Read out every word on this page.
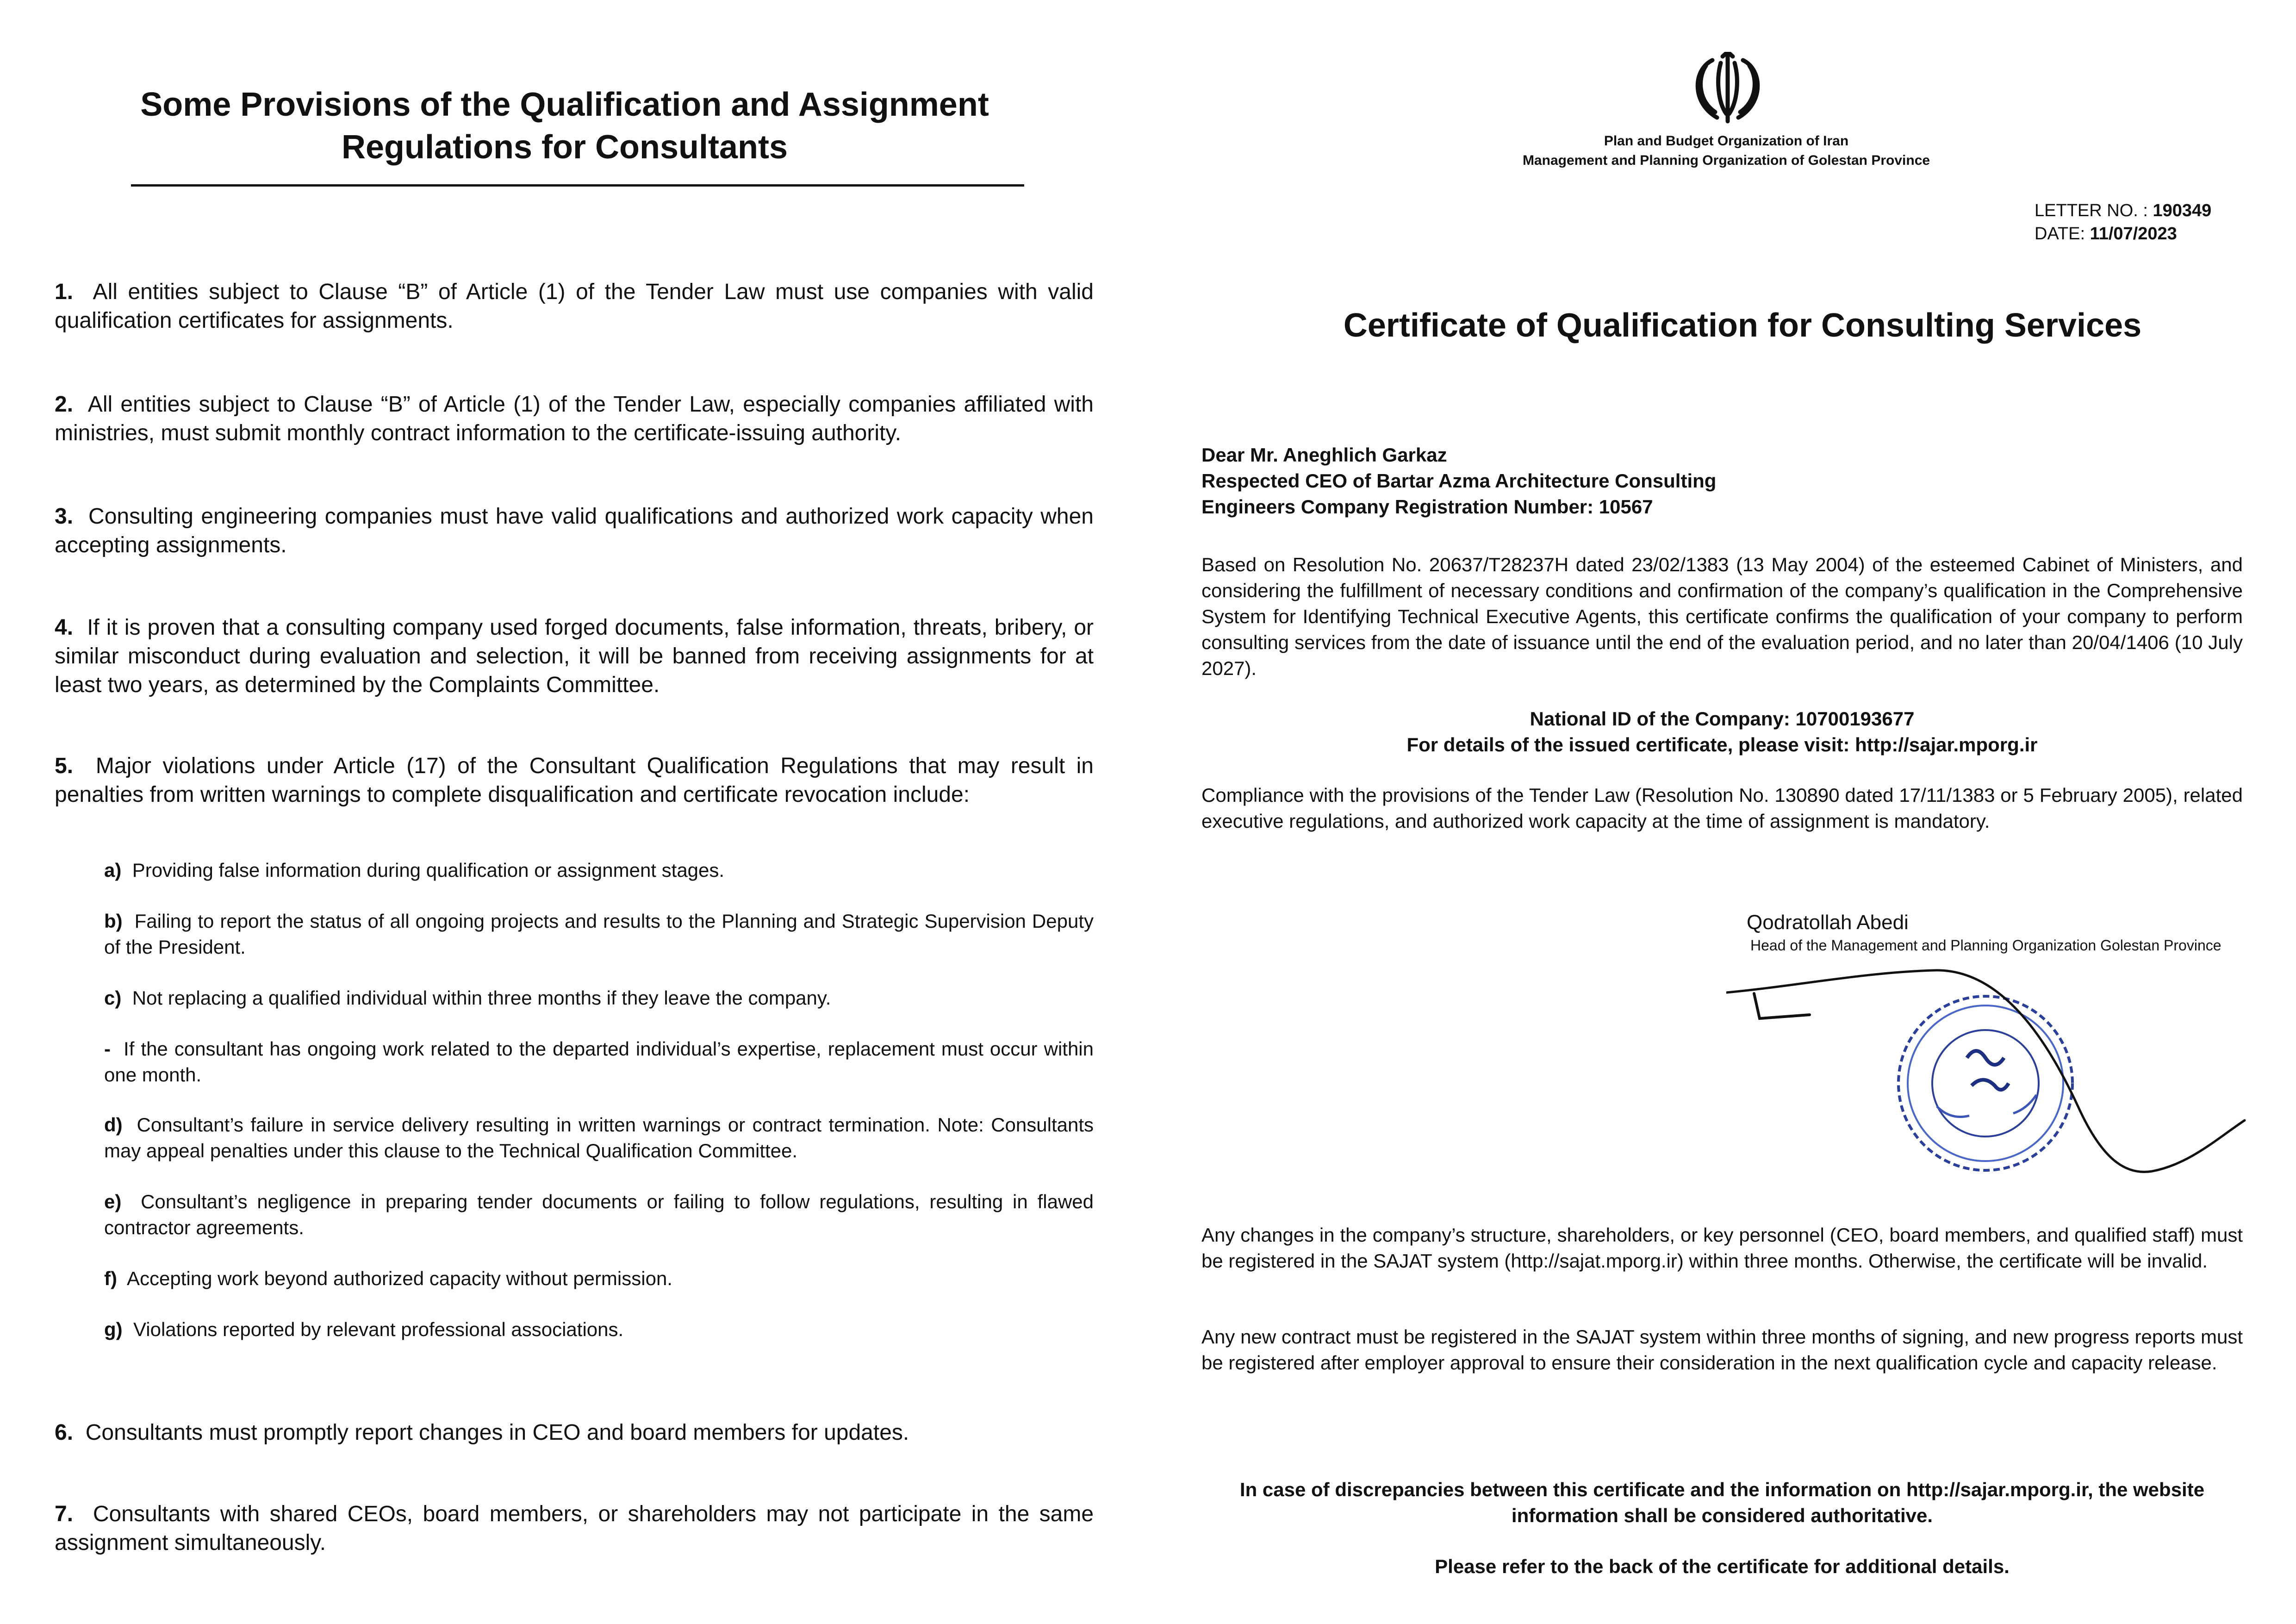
Some Provisions of the Qualification and Assignment
Regulations for Consultants
1. All entities subject to Clause “B” of Article (1) of the Tender Law must use companies with valid qualification certificates for assignments.
2. All entities subject to Clause “B” of Article (1) of the Tender Law, especially companies affiliated with ministries, must submit monthly contract information to the certificate-issuing authority.
3. Consulting engineering companies must have valid qualifications and authorized work capacity when accepting assignments.
4. If it is proven that a consulting company used forged documents, false information, threats, bribery, or similar misconduct during evaluation and selection, it will be banned from receiving assignments for at least two years, as determined by the Complaints Committee.
5. Major violations under Article (17) of the Consultant Qualification Regulations that may result in penalties from written warnings to complete disqualification and certificate revocation include:
a) Providing false information during qualification or assignment stages.
b) Failing to report the status of all ongoing projects and results to the Planning and Strategic Supervision Deputy of the President.
c) Not replacing a qualified individual within three months if they leave the company.
- If the consultant has ongoing work related to the departed individual’s expertise, replacement must occur within one month.
d) Consultant’s failure in service delivery resulting in written warnings or contract termination. Note: Consultants may appeal penalties under this clause to the Technical Qualification Committee.
e) Consultant’s negligence in preparing tender documents or failing to follow regulations, resulting in flawed contractor agreements.
f) Accepting work beyond authorized capacity without permission.
g) Violations reported by relevant professional associations.
6. Consultants must promptly report changes in CEO and board members for updates.
7. Consultants with shared CEOs, board members, or shareholders may not participate in the same assignment simultaneously.
Plan and Budget Organization of Iran
Management and Planning Organization of Golestan Province
LETTER NO. : 190349
DATE: 11/07/2023
Certificate of Qualification for Consulting Services
Dear Mr. Aneghlich Garkaz
Respected CEO of Bartar Azma Architecture Consulting
Engineers Company Registration Number: 10567
Based on Resolution No. 20637/T28237H dated 23/02/1383 (13 May 2004) of the esteemed Cabinet of Ministers, and considering the fulfillment of necessary conditions and confirmation of the company’s qualification in the Comprehensive System for Identifying Technical Executive Agents, this certificate confirms the qualification of your company to perform consulting services from the date of issuance until the end of the evaluation period, and no later than 20/04/1406 (10 July 2027).
National ID of the Company: 10700193677
For details of the issued certificate, please visit: http://sajar.mporg.ir
Compliance with the provisions of the Tender Law (Resolution No. 130890 dated 17/11/1383 or 5 February 2005), related executive regulations, and authorized work capacity at the time of assignment is mandatory.
Qodratollah Abedi
Head of the Management and Planning Organization Golestan Province
Any changes in the company’s structure, shareholders, or key personnel (CEO, board members, and qualified staff) must be registered in the SAJAT system (http://sajat.mporg.ir) within three months. Otherwise, the certificate will be invalid.
Any new contract must be registered in the SAJAT system within three months of signing, and new progress reports must be registered after employer approval to ensure their consideration in the next qualification cycle and capacity release.
In case of discrepancies between this certificate and the information on http://sajar.mporg.ir, the website information shall be considered authoritative.
Please refer to the back of the certificate for additional details.
